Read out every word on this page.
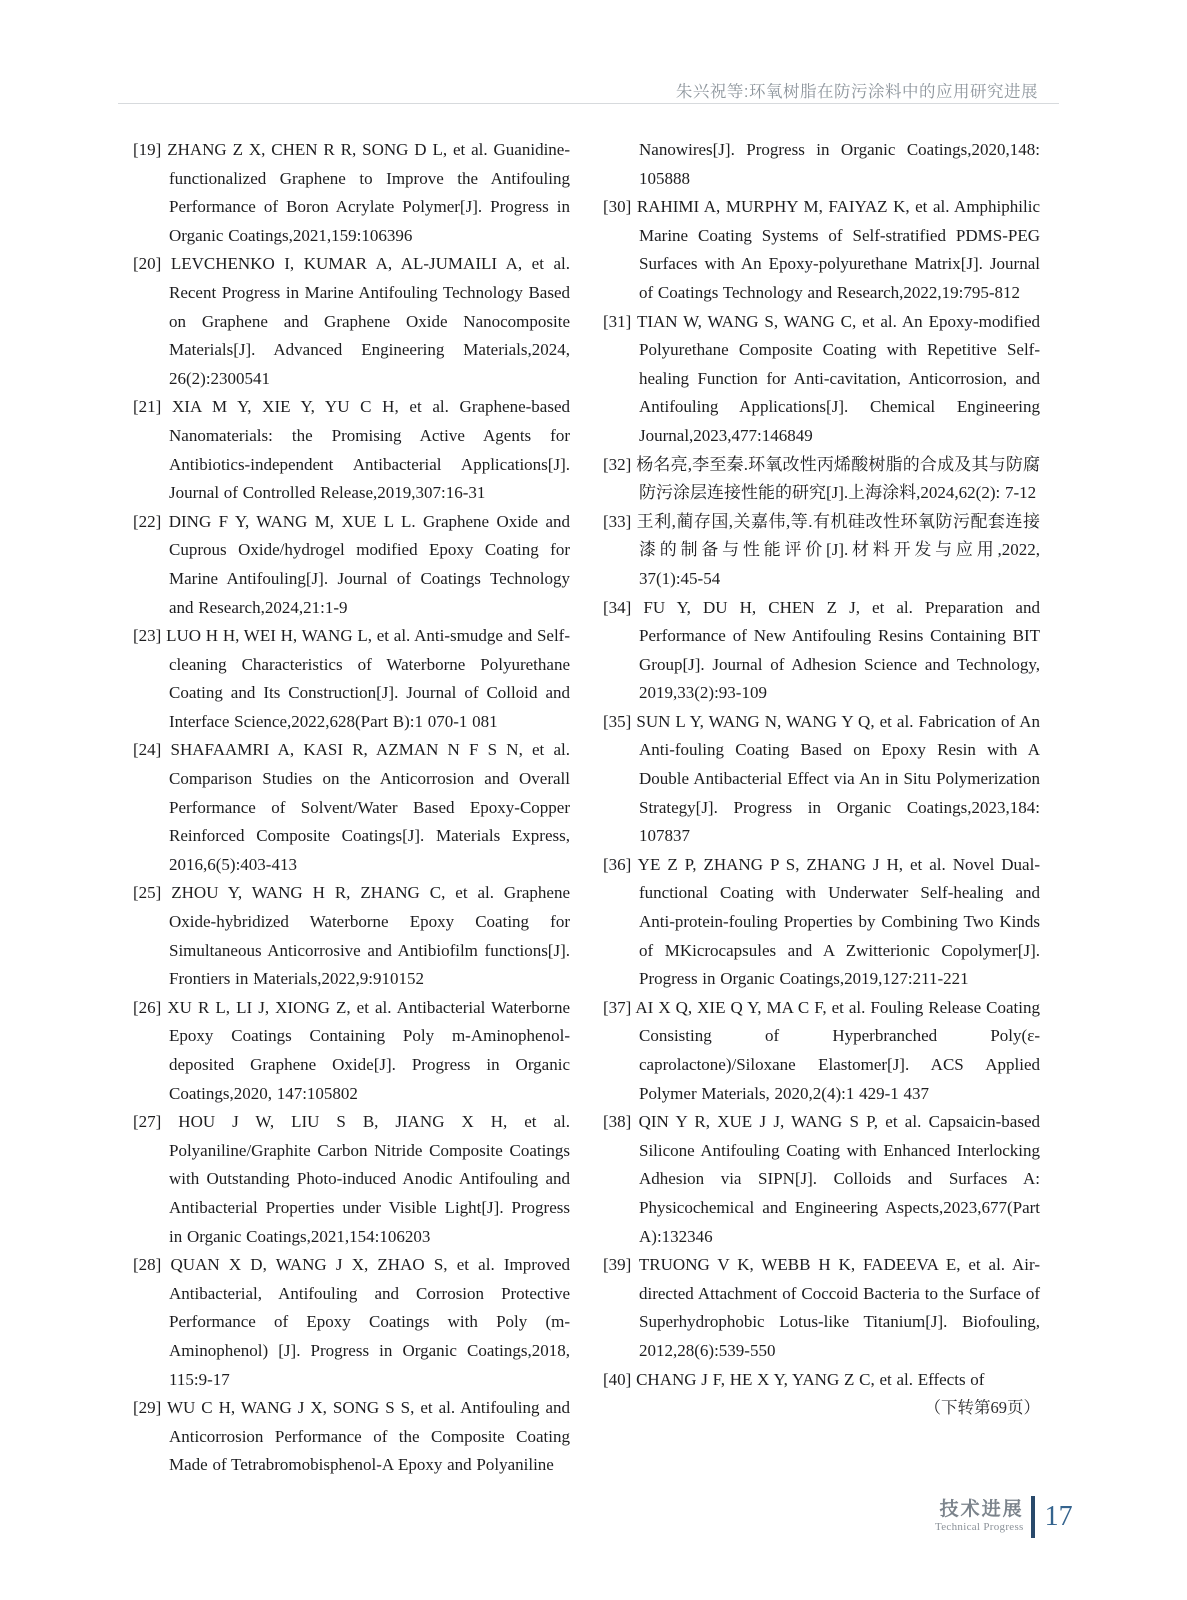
朱兴祝等:环氧树脂在防污涂料中的应用研究进展

[19] ZHANG Z X, CHEN R R, SONG D L, et al. Guanidine-functionalized Graphene to Improve the Antifouling Performance of Boron Acrylate Polymer[J]. Progress in Organic Coatings,2021,159:106396

[20] LEVCHENKO I, KUMAR A, AL-JUMAILI A, et al. Recent Progress in Marine Antifouling Technology Based on Graphene and Graphene Oxide Nanocomposite Materials[J]. Advanced Engineering Materials,2024, 26(2):2300541

[21] XIA M Y, XIE Y, YU C H, et al. Graphene-based Nanomaterials: the Promising Active Agents for Antibiotics-independent Antibacterial Applications[J]. Journal of Controlled Release,2019,307:16-31

[22] DING F Y, WANG M, XUE L L. Graphene Oxide and Cuprous Oxide/hydrogel modified Epoxy Coating for Marine Antifouling[J]. Journal of Coatings Technology and Research,2024,21:1-9

[23] LUO H H, WEI H, WANG L, et al. Anti-smudge and Self-cleaning Characteristics of Waterborne Polyurethane Coating and Its Construction[J]. Journal of Colloid and Interface Science,2022,628(Part B):1 070-1 081

[24] SHAFAAMRI A, KASI R, AZMAN N F S N, et al. Comparison Studies on the Anticorrosion and Overall Performance of Solvent/Water Based Epoxy-Copper Reinforced Composite Coatings[J]. Materials Express, 2016,6(5):403-413

[25] ZHOU Y, WANG H R, ZHANG C, et al. Graphene Oxide-hybridized Waterborne Epoxy Coating for Simultaneous Anticorrosive and Antibiofilm functions[J]. Frontiers in Materials,2022,9:910152

[26] XU R L, LI J, XIONG Z, et al. Antibacterial Waterborne Epoxy Coatings Containing Poly m-Aminophenol-deposited Graphene Oxide[J]. Progress in Organic Coatings,2020, 147:105802

[27] HOU J W, LIU S B, JIANG X H, et al. Polyaniline/Graphite Carbon Nitride Composite Coatings with Outstanding Photo-induced Anodic Antifouling and Antibacterial Properties under Visible Light[J]. Progress in Organic Coatings,2021,154:106203

[28] QUAN X D, WANG J X, ZHAO S, et al. Improved Antibacterial, Antifouling and Corrosion Protective Performance of Epoxy Coatings with Poly (m-Aminophenol) [J]. Progress in Organic Coatings,2018, 115:9-17

[29] WU C H, WANG J X, SONG S S, et al. Antifouling and Anticorrosion Performance of the Composite Coating Made of Tetrabromobisphenol-A Epoxy and Polyaniline

Nanowires[J]. Progress in Organic Coatings,2020,148: 105888

[30] RAHIMI A, MURPHY M, FAIYAZ K, et al. Amphiphilic Marine Coating Systems of Self-stratified PDMS-PEG Surfaces with An Epoxy-polyurethane Matrix[J]. Journal of Coatings Technology and Research,2022,19:795-812

[31] TIAN W, WANG S, WANG C, et al. An Epoxy-modified Polyurethane Composite Coating with Repetitive Self-healing Function for Anti-cavitation, Anticorrosion, and Antifouling Applications[J]. Chemical Engineering Journal,2023,477:146849

[32] 杨名亮,李至秦.环氧改性丙烯酸树脂的合成及其与防腐防污涂层连接性能的研究[J].上海涂料,2024,62(2): 7-12

[33] 王利,蔺存国,关嘉伟,等.有机硅改性环氧防污配套连接漆的制备与性能评价[J].材料开发与应用,2022, 37(1):45-54

[34] FU Y, DU H, CHEN Z J, et al. Preparation and Performance of New Antifouling Resins Containing BIT Group[J]. Journal of Adhesion Science and Technology, 2019,33(2):93-109

[35] SUN L Y, WANG N, WANG Y Q, et al. Fabrication of An Anti-fouling Coating Based on Epoxy Resin with A Double Antibacterial Effect via An in Situ Polymerization Strategy[J]. Progress in Organic Coatings,2023,184: 107837

[36] YE Z P, ZHANG P S, ZHANG J H, et al. Novel Dual-functional Coating with Underwater Self-healing and Anti-protein-fouling Properties by Combining Two Kinds of MKicrocapsules and A Zwitterionic Copolymer[J]. Progress in Organic Coatings,2019,127:211-221

[37] AI X Q, XIE Q Y, MA C F, et al. Fouling Release Coating Consisting of Hyperbranched Poly(ε-caprolactone)/Siloxane Elastomer[J]. ACS Applied Polymer Materials, 2020,2(4):1 429-1 437

[38] QIN Y R, XUE J J, WANG S P, et al. Capsaicin-based Silicone Antifouling Coating with Enhanced Interlocking Adhesion via SIPN[J]. Colloids and Surfaces A: Physicochemical and Engineering Aspects,2023,677(Part A):132346

[39] TRUONG V K, WEBB H K, FADEEVA E, et al. Air-directed Attachment of Coccoid Bacteria to the Surface of Superhydrophobic Lotus-like Titanium[J]. Biofouling, 2012,28(6):539-550

[40] CHANG J F, HE X Y, YANG Z C, et al. Effects of

（下转第69页）

技术进展
Technical Progress 17
